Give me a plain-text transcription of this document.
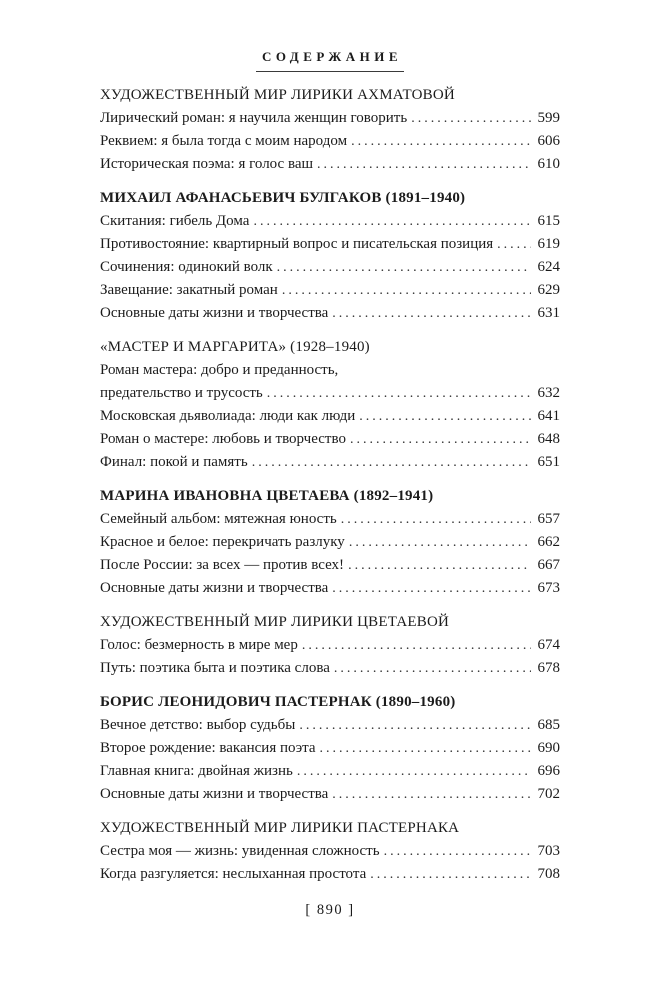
СОДЕРЖАНИЕ
ХУДОЖЕСТВЕННЫЙ МИР ЛИРИКИ АХМАТОВОЙ
Лирический роман: я научила женщин говорить .....	599
Реквием: я была тогда с моим народом .....	606
Историческая поэма: я голос ваш .....	610
МИХАИЛ АФАНАСЬЕВИЧ БУЛГАКОВ (1891–1940)
Скитания: гибель Дома .....	615
Противостояние: квартирный вопрос и писательская позиция .....	619
Сочинения: одинокий волк .....	624
Завещание: закатный роман .....	629
Основные даты жизни и творчества .....	631
«МАСТЕР И МАРГАРИТА» (1928–1940)
Роман мастера: добро и преданность,
предательство и трусость .....	632
Московская дьяволиада: люди как люди .....	641
Роман о мастере: любовь и творчество .....	648
Финал: покой и память .....	651
МАРИНА ИВАНОВНА ЦВЕТАЕВА (1892–1941)
Семейный альбом: мятежная юность .....	657
Красное и белое: перекричать разлуку .....	662
После России: за всех — против всех! .....	667
Основные даты жизни и творчества .....	673
ХУДОЖЕСТВЕННЫЙ МИР ЛИРИКИ ЦВЕТАЕВОЙ
Голос: безмерность в мире мер .....	674
Путь: поэтика быта и поэтика слова .....	678
БОРИС ЛЕОНИДОВИЧ ПАСТЕРНАК (1890–1960)
Вечное детство: выбор судьбы .....	685
Второе рождение: вакансия поэта .....	690
Главная книга: двойная жизнь .....	696
Основные даты жизни и творчества .....	702
ХУДОЖЕСТВЕННЫЙ МИР ЛИРИКИ ПАСТЕРНАКА
Сестра моя — жизнь: увиденная сложность .....	703
Когда разгуляется: неслыханная простота .....	708
[ 890 ]
